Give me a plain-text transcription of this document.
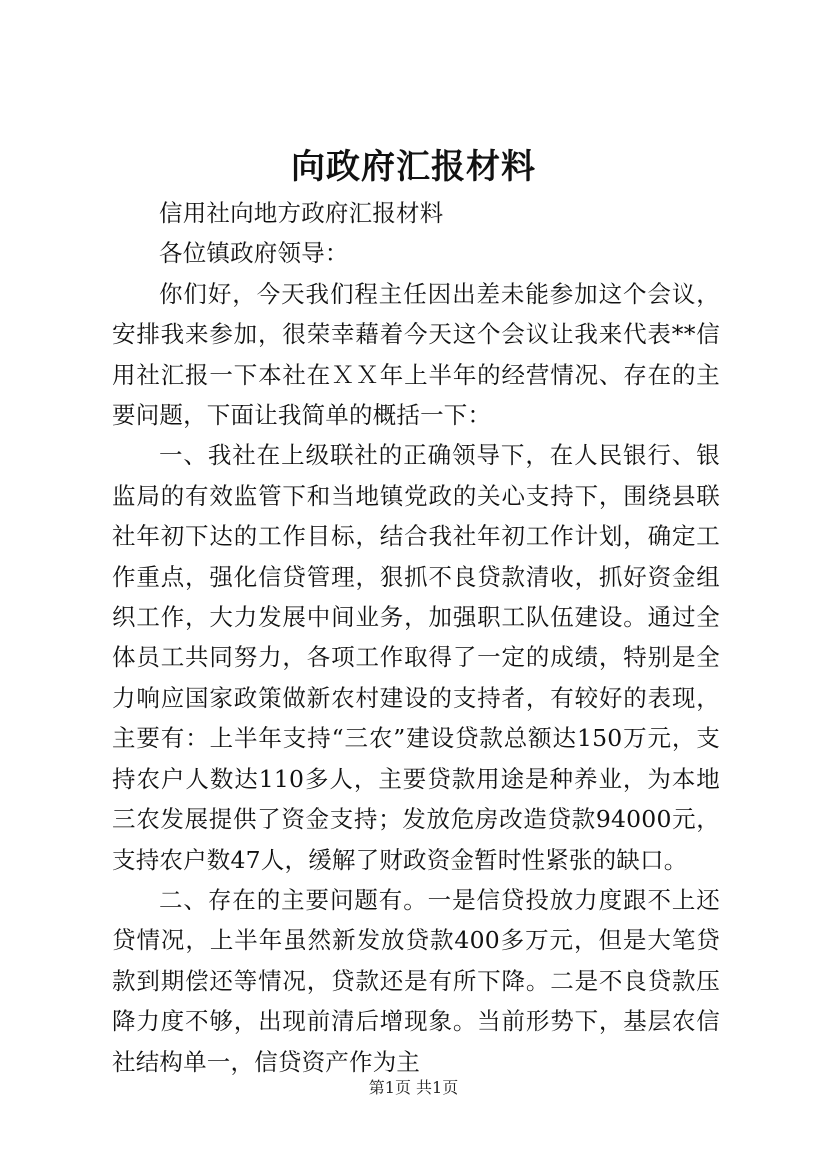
向政府汇报材料

信用社向地方政府汇报材料

各位镇政府领导：

你们好，今天我们程主任因出差未能参加这个会议，安排我来参加，很荣幸藉着今天这个会议让我来代表**信用社汇报一下本社在ＸＸ年上半年的经营情况、存在的主要问题，下面让我简单的概括一下：

一、我社在上级联社的正确领导下，在人民银行、银监局的有效监管下和当地镇党政的关心支持下，围绕县联社年初下达的工作目标，结合我社年初工作计划，确定工作重点，强化信贷管理，狠抓不良贷款清收，抓好资金组织工作，大力发展中间业务，加强职工队伍建设。通过全体员工共同努力，各项工作取得了一定的成绩，特别是全力响应国家政策做新农村建设的支持者，有较好的表现， 主要有：上半年支持“三农”建设贷款总额达150万元，支持农户人数达110多人，主要贷款用途是种养业，为本地三农发展提供了资金支持；发放危房改造贷款94000元，支持农户数47人，缓解了财政资金暂时性紧张的缺口。

二、存在的主要问题有。一是信贷投放力度跟不上还贷情况，上半年虽然新发放贷款400多万元，但是大笔贷款到期偿还等情况，贷款还是有所下降。二是不良贷款压降力度不够，出现前清后增现象。当前形势下，基层农信社结构单一，信贷资产作为主

第1页 共1页
